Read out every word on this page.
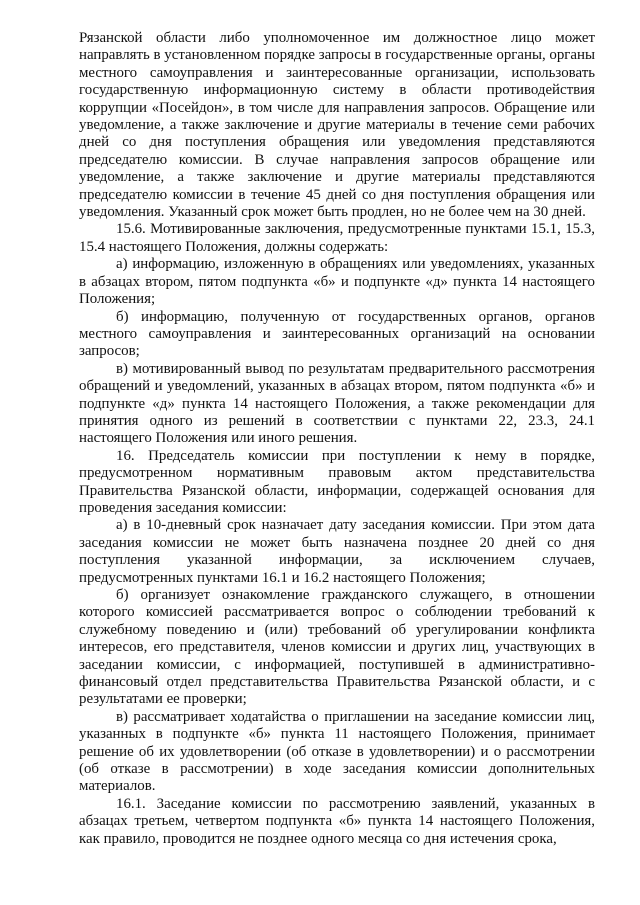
Рязанской области либо уполномоченное им должностное лицо может направлять в установленном порядке запросы в государственные органы, органы местного самоуправления и заинтересованные организации, использовать государственную информационную систему в области противодействия коррупции «Посейдон», в том числе для направления запросов. Обращение или уведомление, а также заключение и другие материалы в течение семи рабочих дней со дня поступления обращения или уведомления представляются председателю комиссии. В случае направления запросов обращение или уведомление, а также заключение и другие материалы представляются председателю комиссии в течение 45 дней со дня поступления обращения или уведомления. Указанный срок может быть продлен, но не более чем на 30 дней.

15.6. Мотивированные заключения, предусмотренные пунктами 15.1, 15.3, 15.4 настоящего Положения, должны содержать:

а) информацию, изложенную в обращениях или уведомлениях, указанных в абзацах втором, пятом подпункта «б» и подпункте «д» пункта 14 настоящего Положения;

б) информацию, полученную от государственных органов, органов местного самоуправления и заинтересованных организаций на основании запросов;

в) мотивированный вывод по результатам предварительного рассмотрения обращений и уведомлений, указанных в абзацах втором, пятом подпункта «б» и подпункте «д» пункта 14 настоящего Положения, а также рекомендации для принятия одного из решений в соответствии с пунктами 22, 23.3, 24.1 настоящего Положения или иного решения.

16. Председатель комиссии при поступлении к нему в порядке, предусмотренном нормативным правовым актом представительства Правительства Рязанской области, информации, содержащей основания для проведения заседания комиссии:

а) в 10-дневный срок назначает дату заседания комиссии. При этом дата заседания комиссии не может быть назначена позднее 20 дней со дня поступления указанной информации, за исключением случаев, предусмотренных пунктами 16.1 и 16.2 настоящего Положения;

б) организует ознакомление гражданского служащего, в отношении которого комиссией рассматривается вопрос о соблюдении требований к служебному поведению и (или) требований об урегулировании конфликта интересов, его представителя, членов комиссии и других лиц, участвующих в заседании комиссии, с информацией, поступившей в административно-финансовый отдел представительства Правительства Рязанской области, и с результатами ее проверки;

в) рассматривает ходатайства о приглашении на заседание комиссии лиц, указанных в подпункте «б» пункта 11 настоящего Положения, принимает решение об их удовлетворении (об отказе в удовлетворении) и о рассмотрении (об отказе в рассмотрении) в ходе заседания комиссии дополнительных материалов.

16.1. Заседание комиссии по рассмотрению заявлений, указанных в абзацах третьем, четвертом подпункта «б» пункта 14 настоящего Положения, как правило, проводится не позднее одного месяца со дня истечения срока,
